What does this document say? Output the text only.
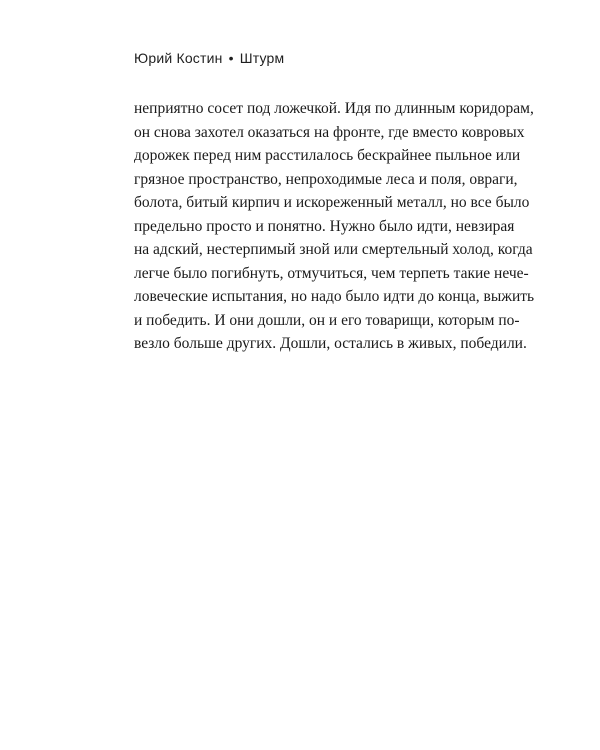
Юрий Костин • Штурм
неприятно сосет под ложечкой. Идя по длинным коридорам,
он снова захотел оказаться на фронте, где вместо ковровых
дорожек перед ним расстилалось бескрайнее пыльное или
грязное пространство, непроходимые леса и поля, овраги,
болота, битый кирпич и искореженный металл, но все было
предельно просто и понятно. Нужно было идти, невзирая
на адский, нестерпимый зной или смертельный холод, когда
легче было погибнуть, отмучиться, чем терпеть такие нече-
ловеческие испытания, но надо было идти до конца, выжить
и победить. И они дошли, он и его товарищи, которым по-
везло больше других. Дошли, остались в живых, победили.
